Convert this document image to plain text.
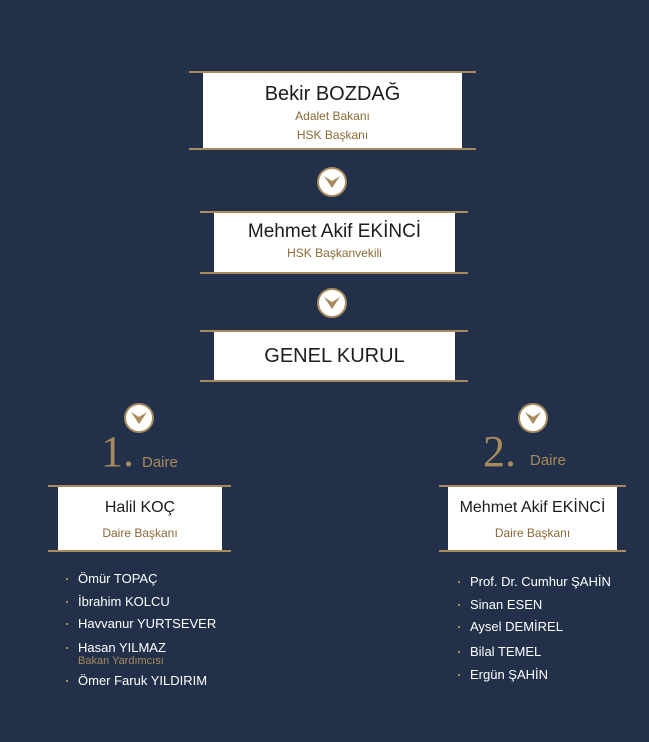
Bekir BOZDAĞ
Adalet Bakanı
HSK Başkanı
Mehmet Akif EKİNCİ
HSK Başkanvekili
GENEL KURUL
1. Daire
Halil KOÇ
Daire Başkanı
Ömür TOPAÇ
İbrahim KOLCU
Havvanur YURTSEVER
Hasan YILMAZ
Bakan Yardımcısı
Ömer Faruk YILDIRIM
2. Daire
Mehmet Akif EKİNCİ
Daire Başkanı
Prof. Dr. Cumhur ŞAHİN
Sinan ESEN
Aysel DEMİREL
Bilal TEMEL
Ergün ŞAHİN
